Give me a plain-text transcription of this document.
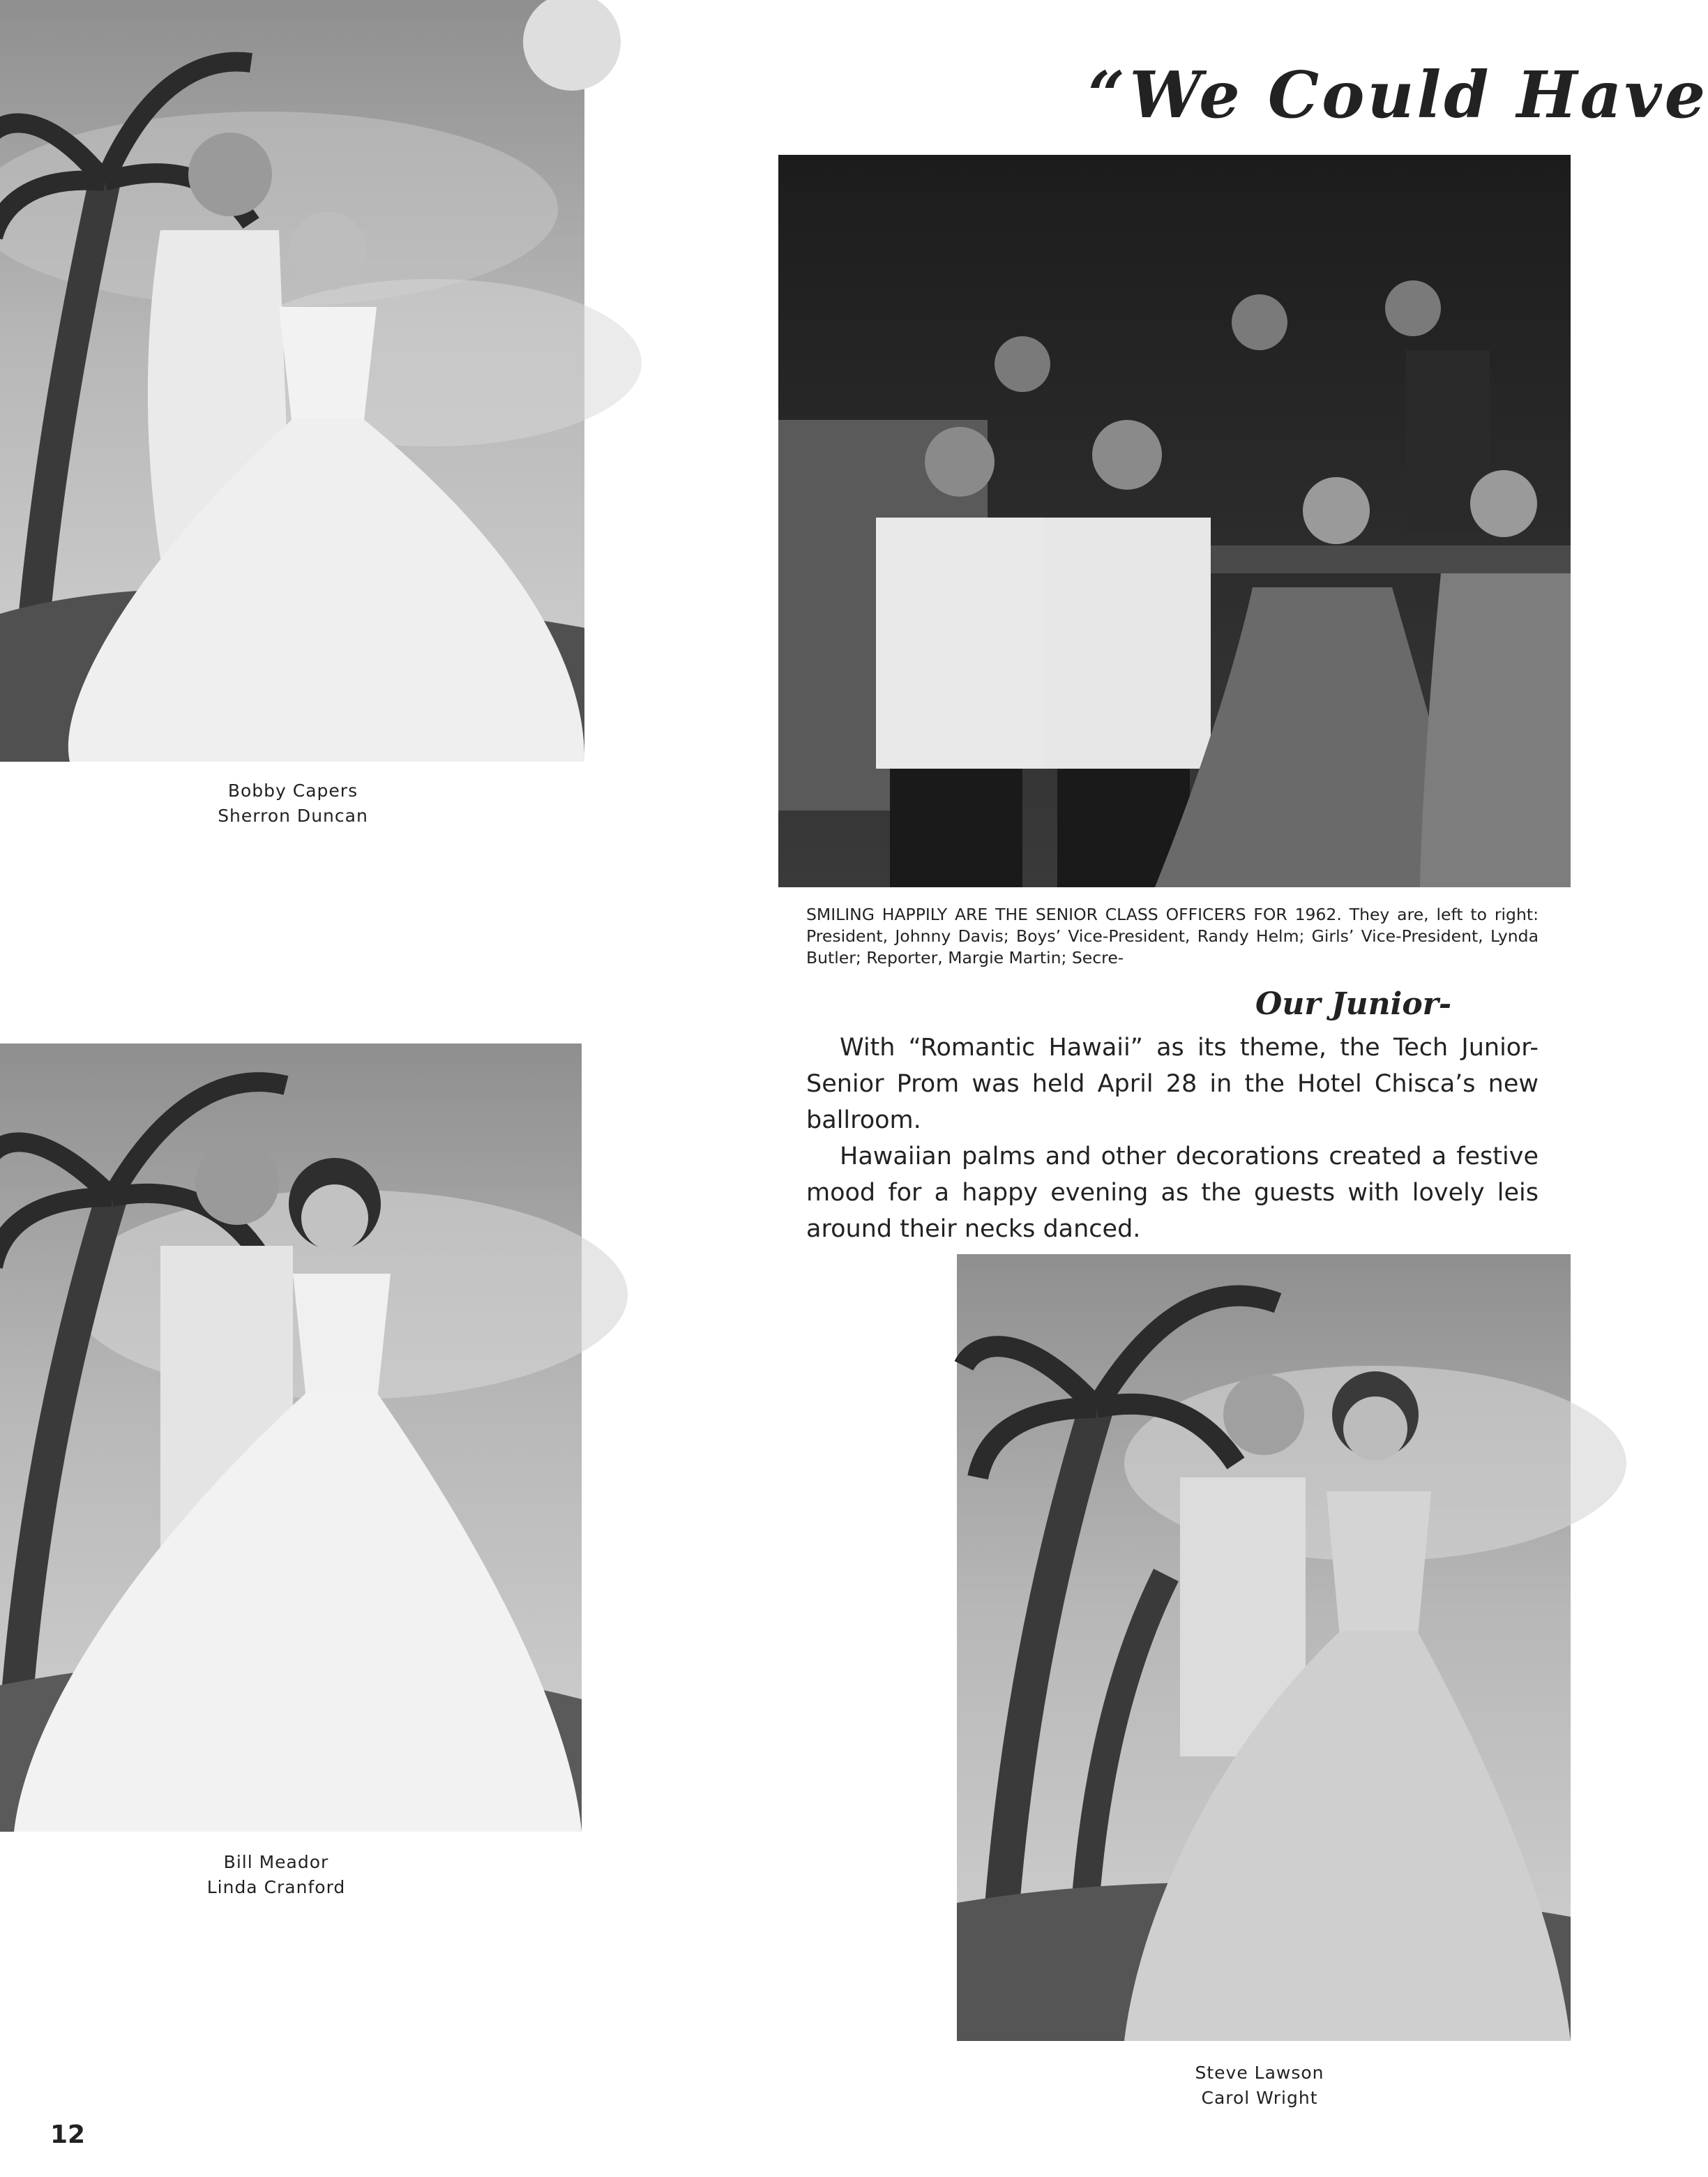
“We Could Have
Bobby Capers
Sherron Duncan
SMILING HAPPILY ARE THE SENIOR CLASS OFFICERS FOR 1962. They are, left to right: President, Johnny Davis; Boys’ Vice-President, Randy Helm; Girls’ Vice-President, Lynda Butler; Reporter, Margie Martin; Secre-
Our Junior-

With “Romantic Hawaii” as its theme, the Tech Junior-Senior Prom was held April 28 in the Hotel Chisca’s new ballroom.

Hawaiian palms and other decorations created a festive mood for a happy evening as the guests with lovely leis around their necks danced.

Bill Meador
Linda Cranford
Steve Lawson
Carol Wright
12
